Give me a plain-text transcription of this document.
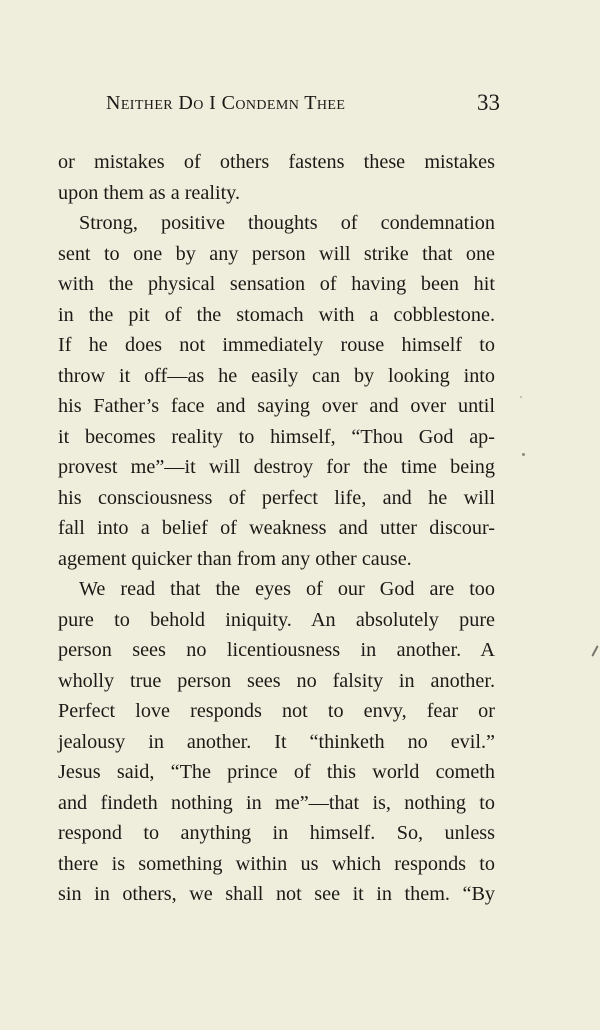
Neither Do I Condemn Thee	33
or mistakes of others fastens these mistakes
upon them as a reality.
Strong, positive thoughts of condemnation
sent to one by any person will strike that one
with the physical sensation of having been hit
in the pit of the stomach with a cobblestone.
If he does not immediately rouse himself to
throw it off—as he easily can by looking into
his Father’s face and saying over and over until
it becomes reality to himself, “Thou God ap-
provest me”—it will destroy for the time being
his consciousness of perfect life, and he will
fall into a belief of weakness and utter discour-
agement quicker than from any other cause.
We read that the eyes of our God are too
pure to behold iniquity. An absolutely pure
person sees no licentiousness in another. A
wholly true person sees no falsity in another.
Perfect love responds not to envy, fear or
jealousy in another. It “thinketh no evil.”
Jesus said, “The prince of this world cometh
and findeth nothing in me”—that is, nothing to
respond to anything in himself. So, unless
there is something within us which responds to
sin in others, we shall not see it in them. “By
